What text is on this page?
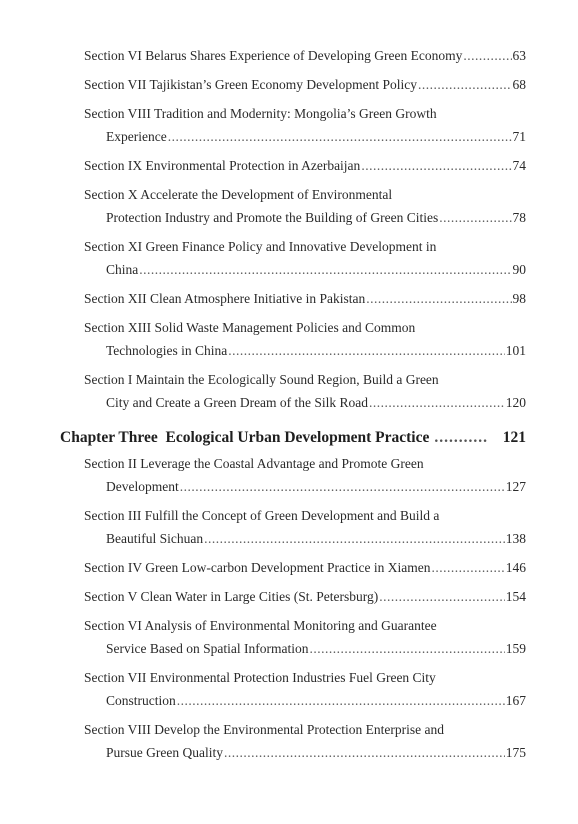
Section VI Belarus Shares Experience of Developing Green Economy .....	63
Section VII Tajikistan’s Green Economy Development Policy .....	68
Section VIII Tradition and Modernity: Mongolia’s Green Growth
Experience .....	71
Section IX Environmental Protection in Azerbaijan .....	74
Section X Accelerate the Development of Environmental
Protection Industry and Promote the Building of Green Cities .....	78
Section XI Green Finance Policy and Innovative Development in
China .....	90
Section XII Clean Atmosphere Initiative in Pakistan .....	98
Section XIII Solid Waste Management Policies and Common
Technologies in China .....	101
Section I Maintain the Ecologically Sound Region, Build a Green
City and Create a Green Dream of the Silk Road .....	120
Chapter Three  Ecological Urban Development Practice .....	121
Section II Leverage the Coastal Advantage and Promote Green
Development .....	127
Section III Fulfill the Concept of Green Development and Build a
Beautiful Sichuan .....	138
Section IV Green Low-carbon Development Practice in Xiamen .....	146
Section V Clean Water in Large Cities (St. Petersburg) .....	154
Section VI Analysis of Environmental Monitoring and Guarantee
Service Based on Spatial Information .....	159
Section VII Environmental Protection Industries Fuel Green City
Construction .....	167
Section VIII Develop the Environmental Protection Enterprise and
Pursue Green Quality .....	175
